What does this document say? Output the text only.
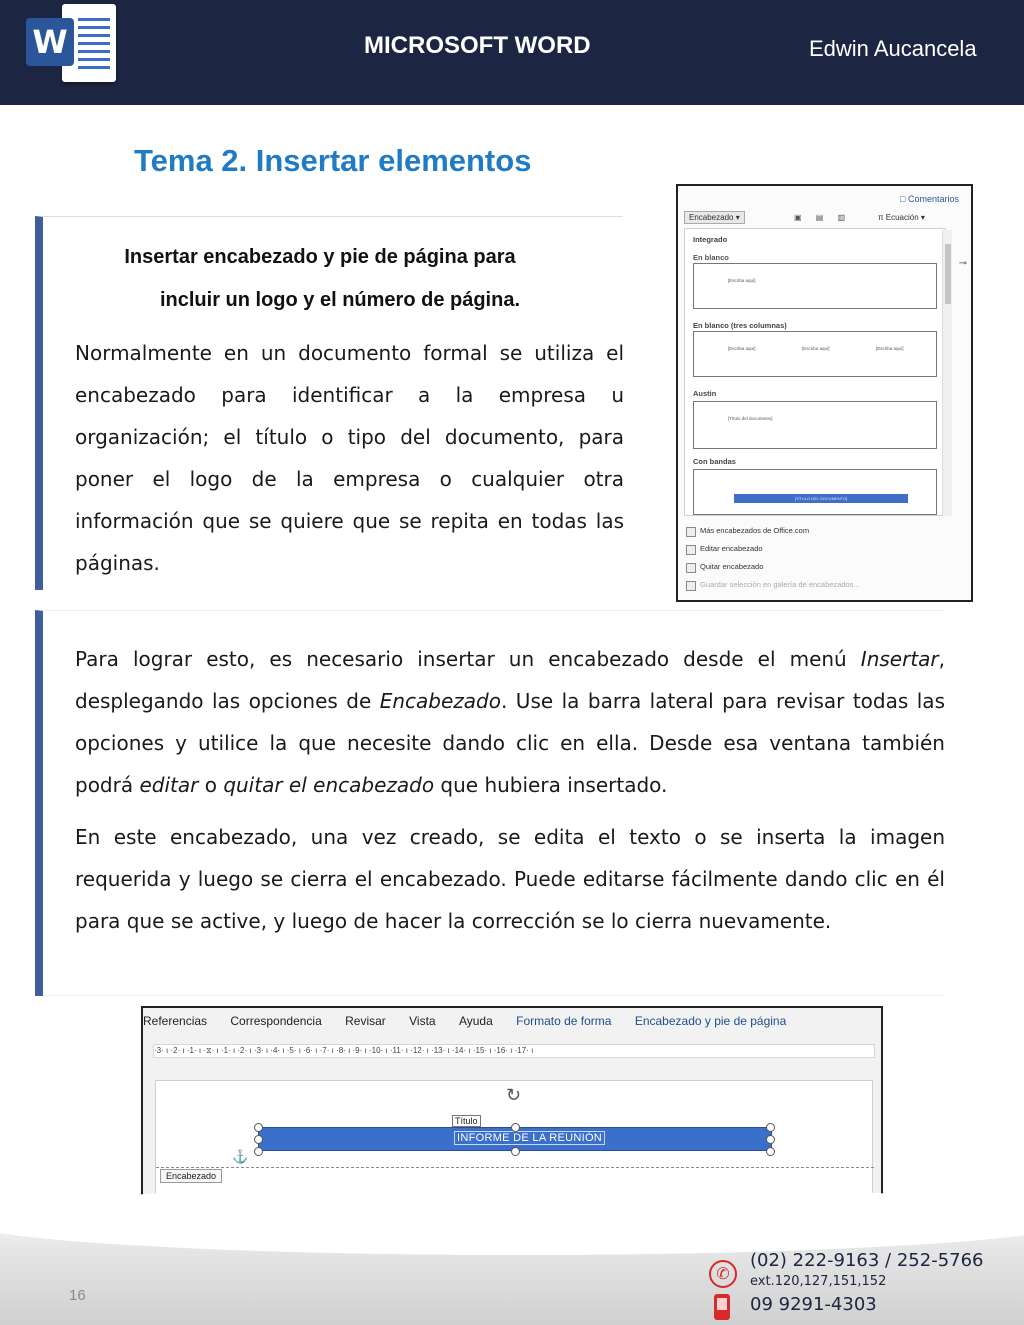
W	MICROSOFT WORD	Edwin Aucancela
Tema 2. Insertar elementos
Insertar encabezado y pie de página para
incluir un logo y el número de página.

Normalmente en un documento formal se utiliza el encabezado para identificar a la empresa u organización; el título o tipo del documento, para poner el logo de la empresa o cualquier otra información que se quiere que se repita en todas las páginas.

□ Comentarios
Encabezado ▾	▣ ▤ ▥	π Ecuación ▾
Integrado
En blanco
[Escriba aquí]
En blanco (tres columnas)
[Escriba aquí]	[Escriba aquí]	[Escriba aquí]
Austin
[Título del documento]
Con bandas
[TÍTULO DEL DOCUMENTO]
⊸
Más encabezados de Office.com
Editar encabezado
Quitar encabezado
Guardar selección en galería de encabezados...

Para lograr esto, es necesario insertar un encabezado desde el menú Insertar, desplegando las opciones de Encabezado. Use la barra lateral para revisar todas las opciones y utilice la que necesite dando clic en ella. Desde esa ventana también podrá editar o quitar el encabezado que hubiera insertado.

En este encabezado, una vez creado, se edita el texto o se inserta la imagen requerida y luego se cierra el encabezado. Puede editarse fácilmente dando clic en él para que se active, y luego de hacer la corrección se lo cierra nuevamente.

Referencias Correspondencia Revisar Vista Ayuda Formato de forma Encabezado y pie de página
·3· ı ·2· ı ·1· ı ·⧖· ı ·1· ı ·2· ı ·3· ı ·4· ı ·5· ı ·6· ı ·7· ı ·8· ı ·9· ı ·10· ı ·11· ı ·12· ı ·13· ı ·14· ı ·15· ı ·16· ı ·17· ı
↻
Título
INFORME DE LA REUNIÓN
⚓
Encabezado
16
✆
(02) 222-9163 / 252-5766
ext.120,127,151,152
09 9291-4303
